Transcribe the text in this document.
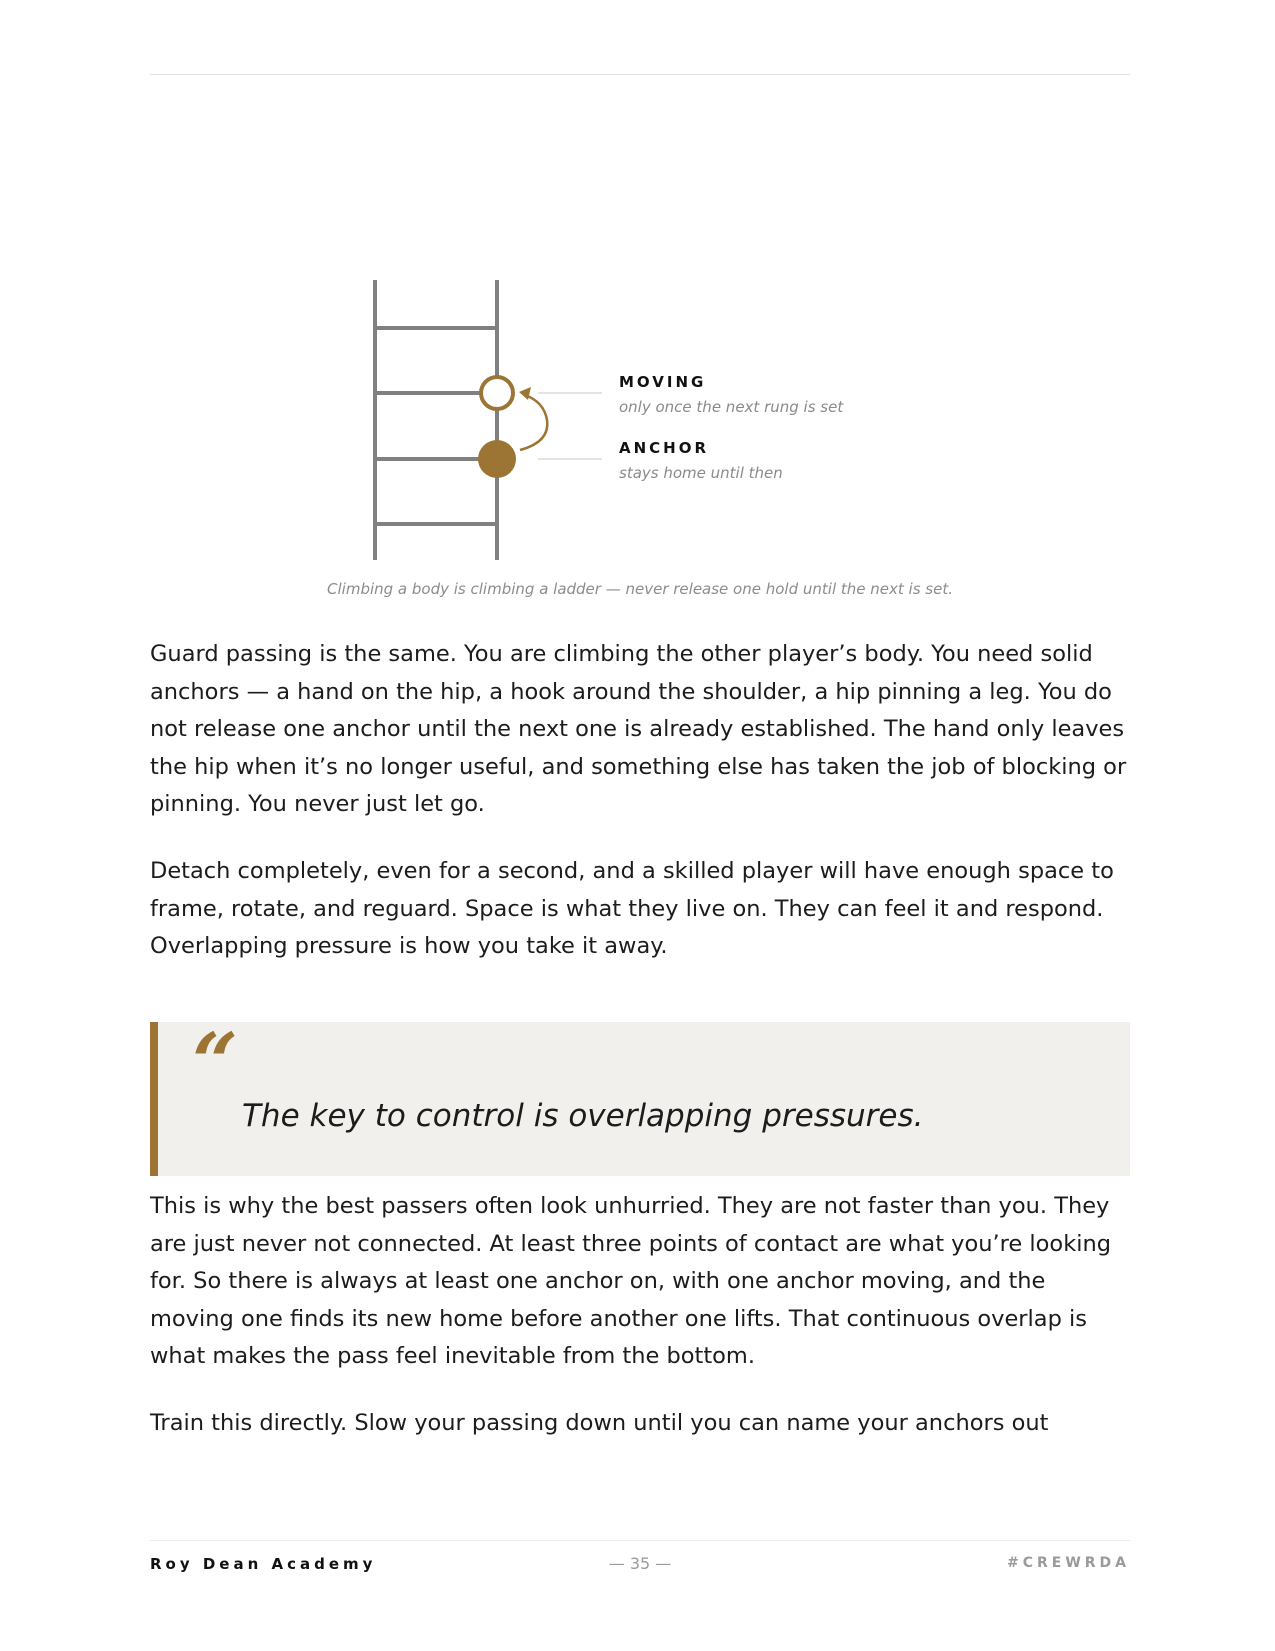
MOVING
only once the next rung is set
ANCHOR
stays home until then
Climbing a body is climbing a ladder — never release one hold until the next is set.

Guard passing is the same. You are climbing the other player’s body. You need solid anchors — a hand on the hip, a hook around the shoulder, a hip pinning a leg. You do not release one anchor until the next one is already established. The hand only leaves the hip when it’s no longer useful, and something else has taken the job of blocking or pinning. You never just let go.

Detach completely, even for a second, and a skilled player will have enough space to frame, rotate, and reguard. Space is what they live on. They can feel it and respond. Overlapping pressure is how you take it away.

“
The key to control is overlapping pressures.

This is why the best passers often look unhurried. They are not faster than you. They are just never not connected. At least three points of contact are what you’re looking for. So there is always at least one anchor on, with one anchor moving, and the moving one finds its new home before another one lifts. That continuous overlap is what makes the pass feel inevitable from the bottom.

Train this directly. Slow your passing down until you can name your anchors out

Roy Dean Academy	— 35 —	#CREWRDA
